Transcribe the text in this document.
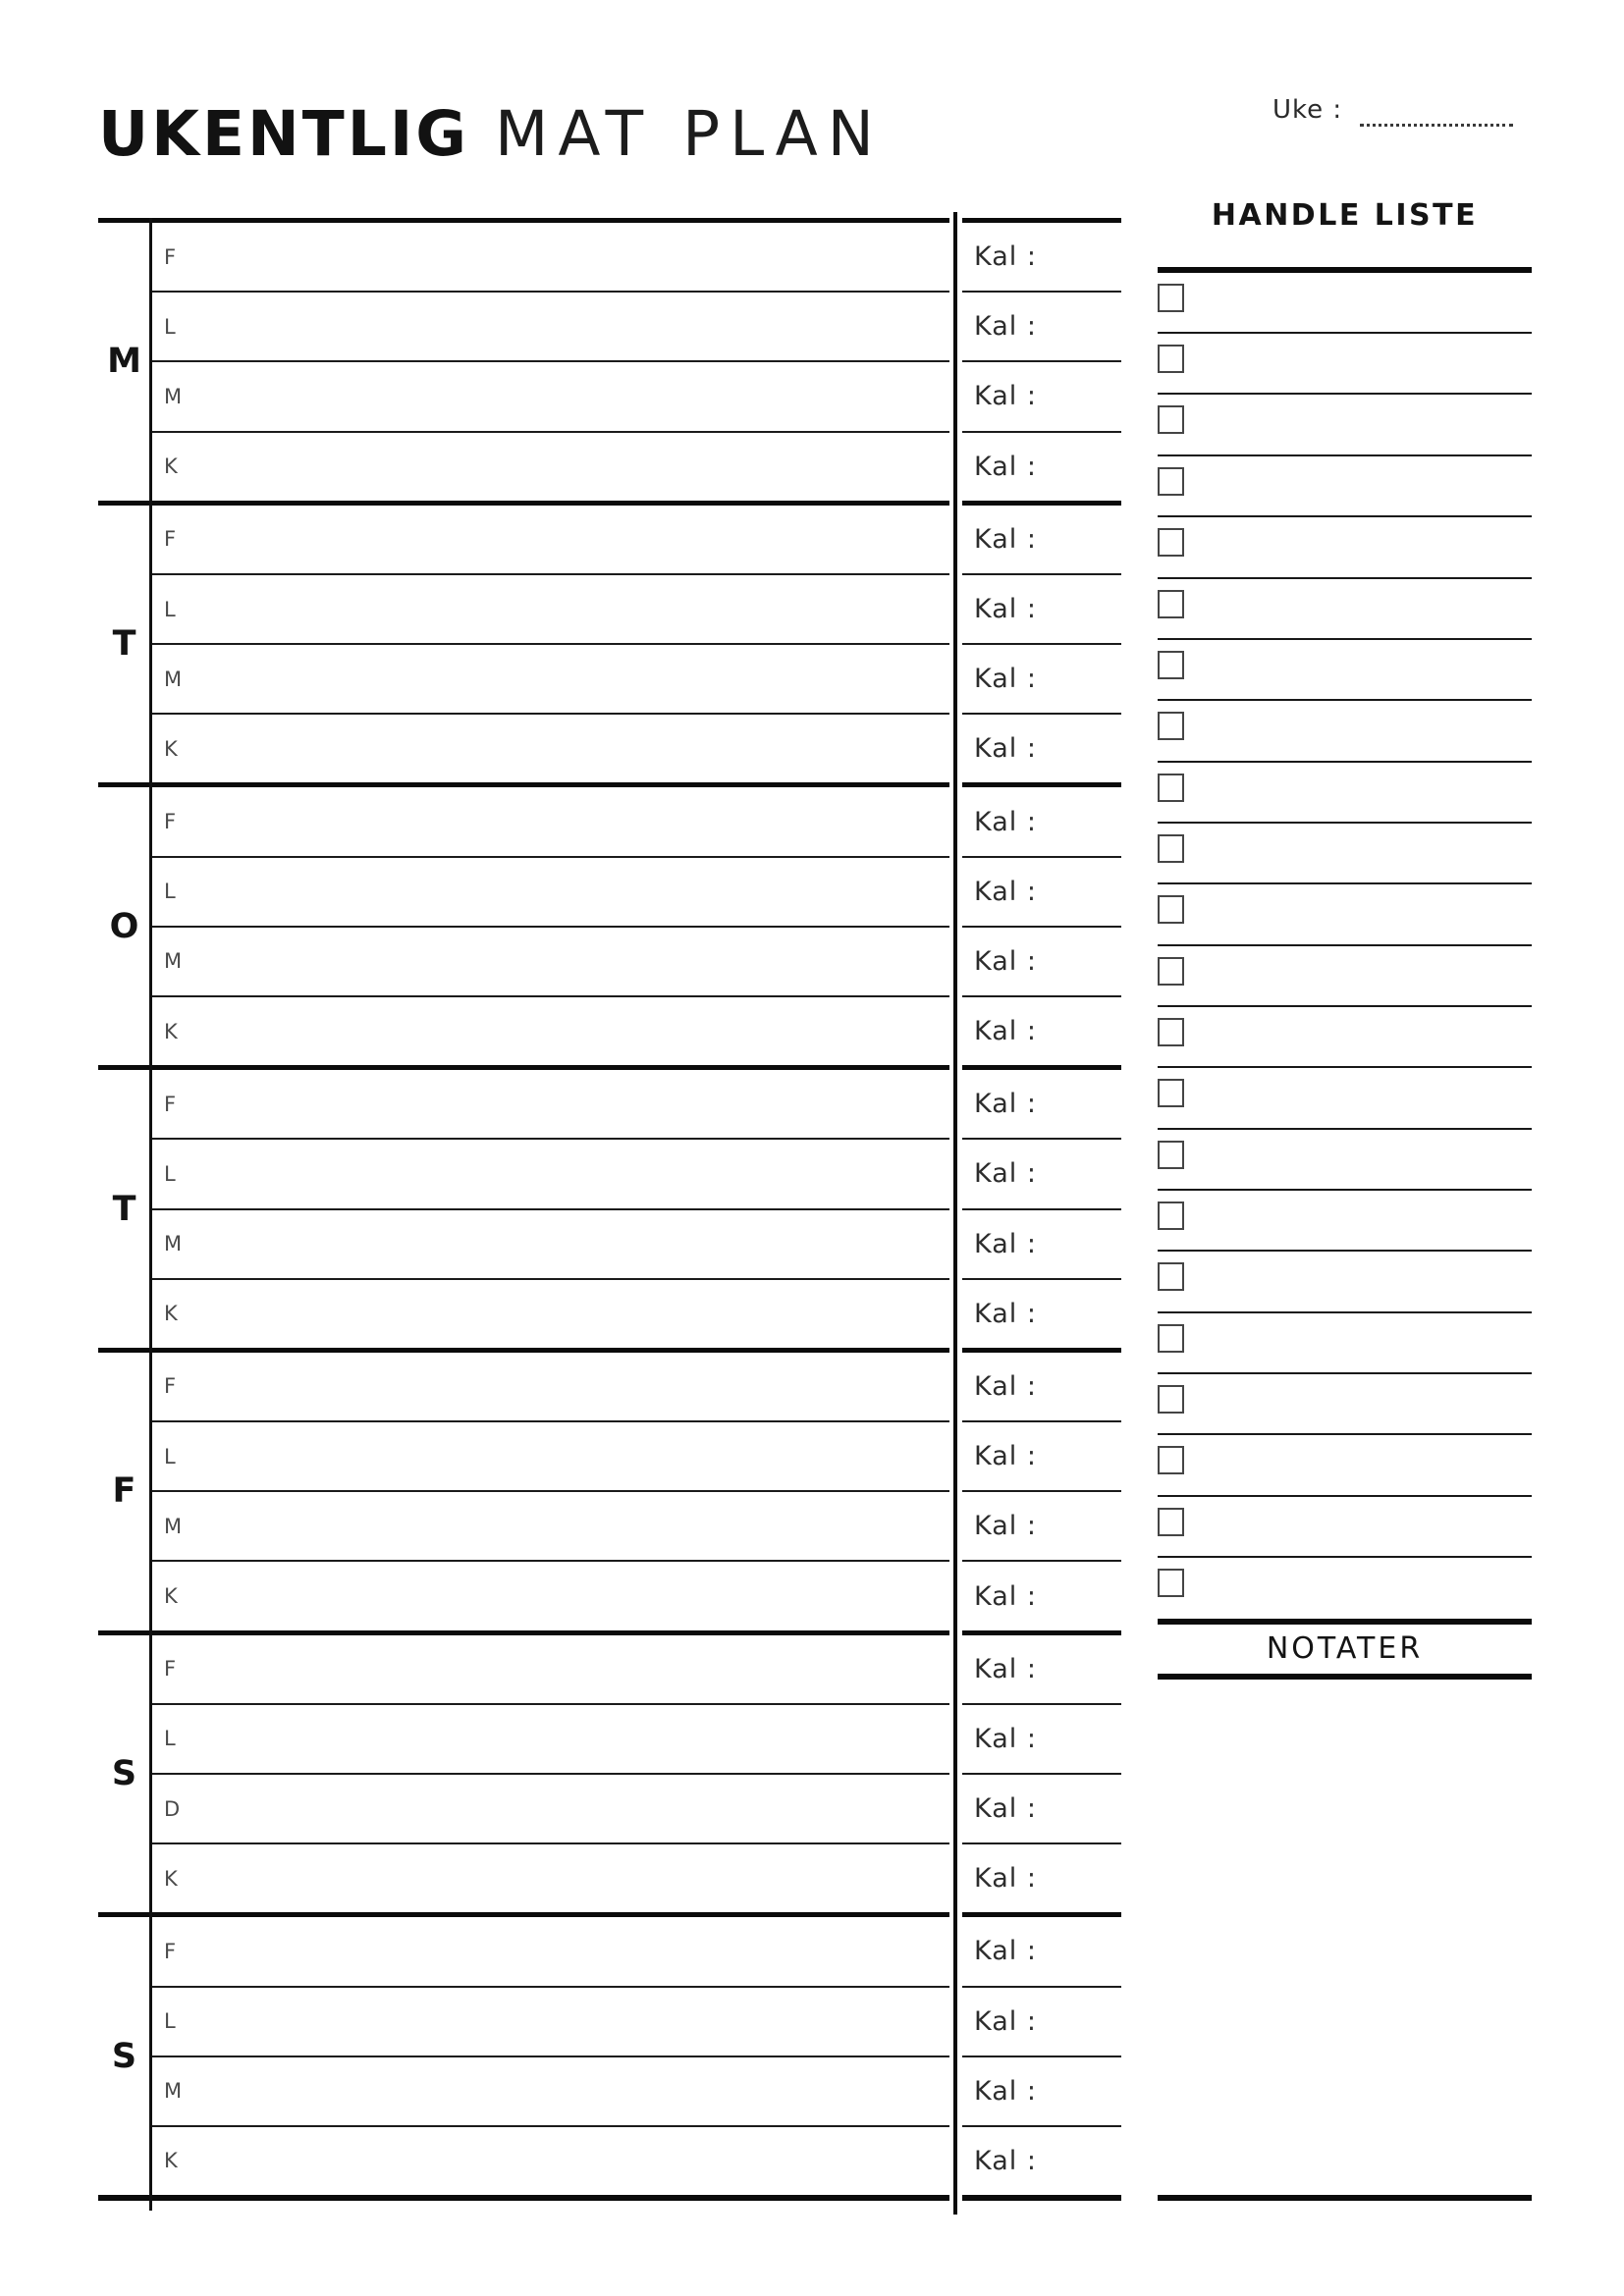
UKENTLIG MAT PLAN	Uke :
M
F
L
M
K
T
F
L
M
K
O
F
L
M
K
T
F
L
M
K
F
F
L
M
K
S
F
L
D
K
S
F
L
M
K
Kal :
Kal :
Kal :
Kal :
Kal :
Kal :
Kal :
Kal :
Kal :
Kal :
Kal :
Kal :
Kal :
Kal :
Kal :
Kal :
Kal :
Kal :
Kal :
Kal :
Kal :
Kal :
Kal :
Kal :
Kal :
Kal :
Kal :
Kal :
HANDLE LISTE
NOTATER
